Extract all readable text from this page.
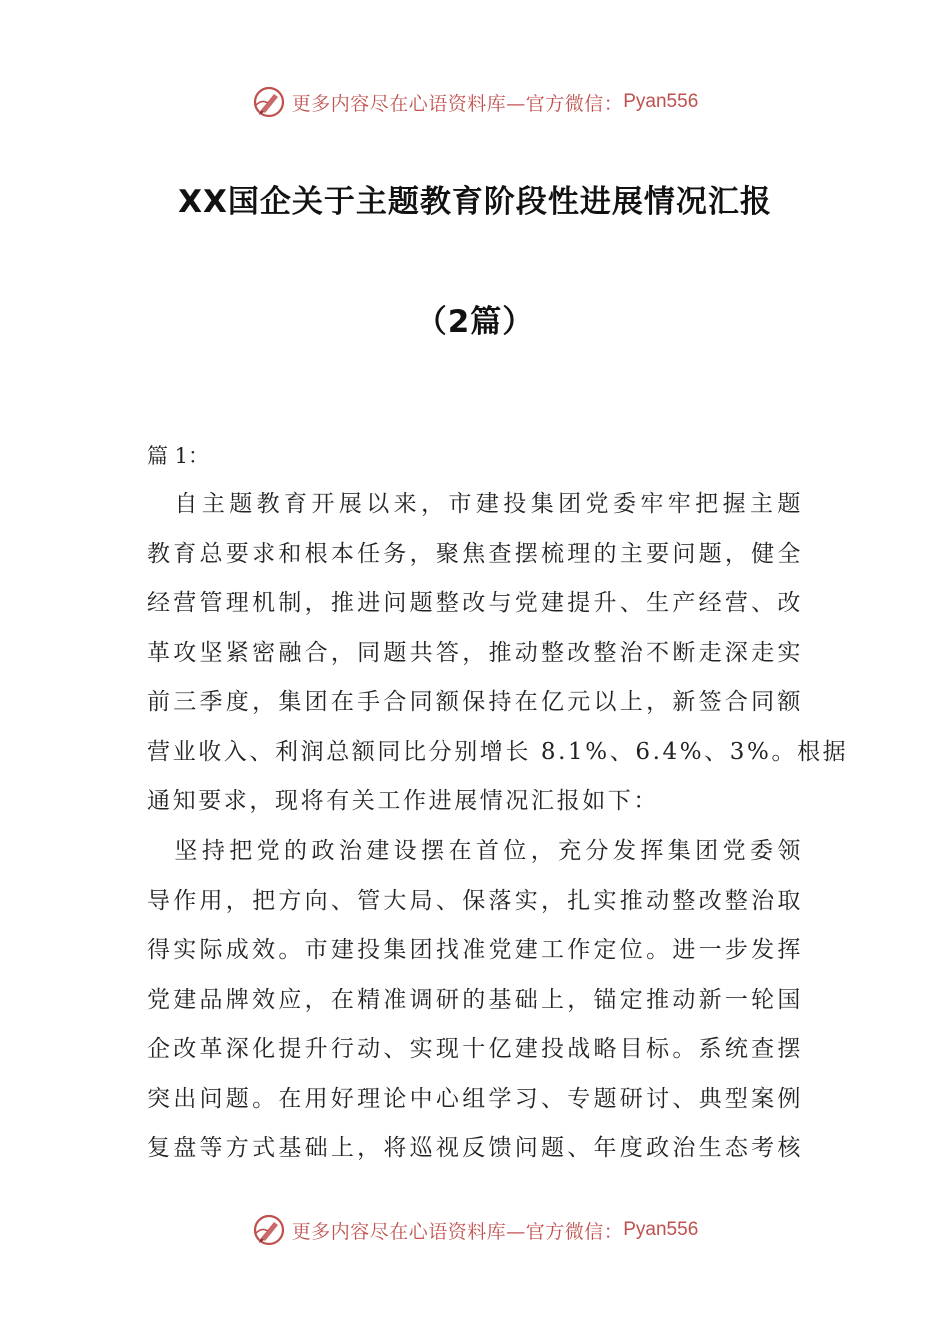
更多内容尽在心语资料库—官方微信： Pyan556
XX国企关于主题教育阶段性进展情况汇报
（2篇）
篇 1：
　自主题教育开展以来，市建投集团党委牢牢把握主题
教育总要求和根本任务，聚焦查摆梳理的主要问题，健全
经营管理机制，推进问题整改与党建提升、生产经营、改
革攻坚紧密融合，同题共答，推动整改整治不断走深走实
前三季度，集团在手合同额保持在亿元以上，新签合同额
营业收入、利润总额同比分别增长 8.1%、6.4%、3%。根据
通知要求，现将有关工作进展情况汇报如下：
　坚持把党的政治建设摆在首位，充分发挥集团党委领
导作用，把方向、管大局、保落实，扎实推动整改整治取
得实际成效。市建投集团找准党建工作定位。进一步发挥
党建品牌效应，在精准调研的基础上，锚定推动新一轮国
企改革深化提升行动、实现十亿建投战略目标。系统查摆
突出问题。在用好理论中心组学习、专题研讨、典型案例
复盘等方式基础上，将巡视反馈问题、年度政治生态考核
更多内容尽在心语资料库—官方微信： Pyan556
